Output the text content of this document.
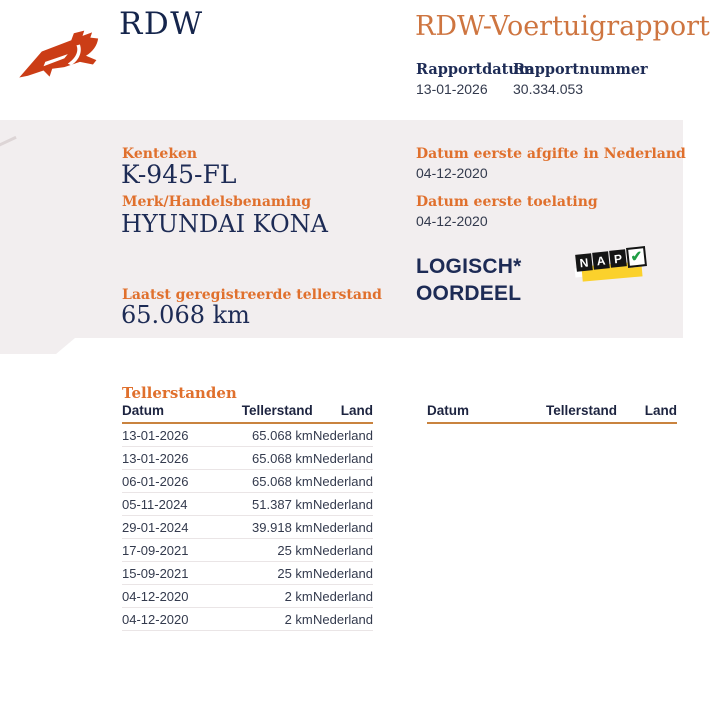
RDW	RDW-Voertuigrapport
Rapportdatum
13-01-2026
Rapportnummer
30.334.053
Kenteken
K-945-FL
Merk/Handelsbenaming
HYUNDAI KONA
Datum eerste afgifte in Nederland
04-12-2020
Datum eerste toelating
04-12-2020
LOGISCH*
OORDEEL
N A P ✔
Laatst geregistreerde tellerstand
65.068 km
Tellerstanden
Datum	Tellerstand	Land
13-01-2026	65.068 km	Nederland
13-01-2026	65.068 km	Nederland
06-01-2026	65.068 km	Nederland
05-11-2024	51.387 km	Nederland
29-01-2024	39.918 km	Nederland
17-09-2021	25 km	Nederland
15-09-2021	25 km	Nederland
04-12-2020	2 km	Nederland
04-12-2020	2 km	Nederland
Datum	Tellerstand	Land
